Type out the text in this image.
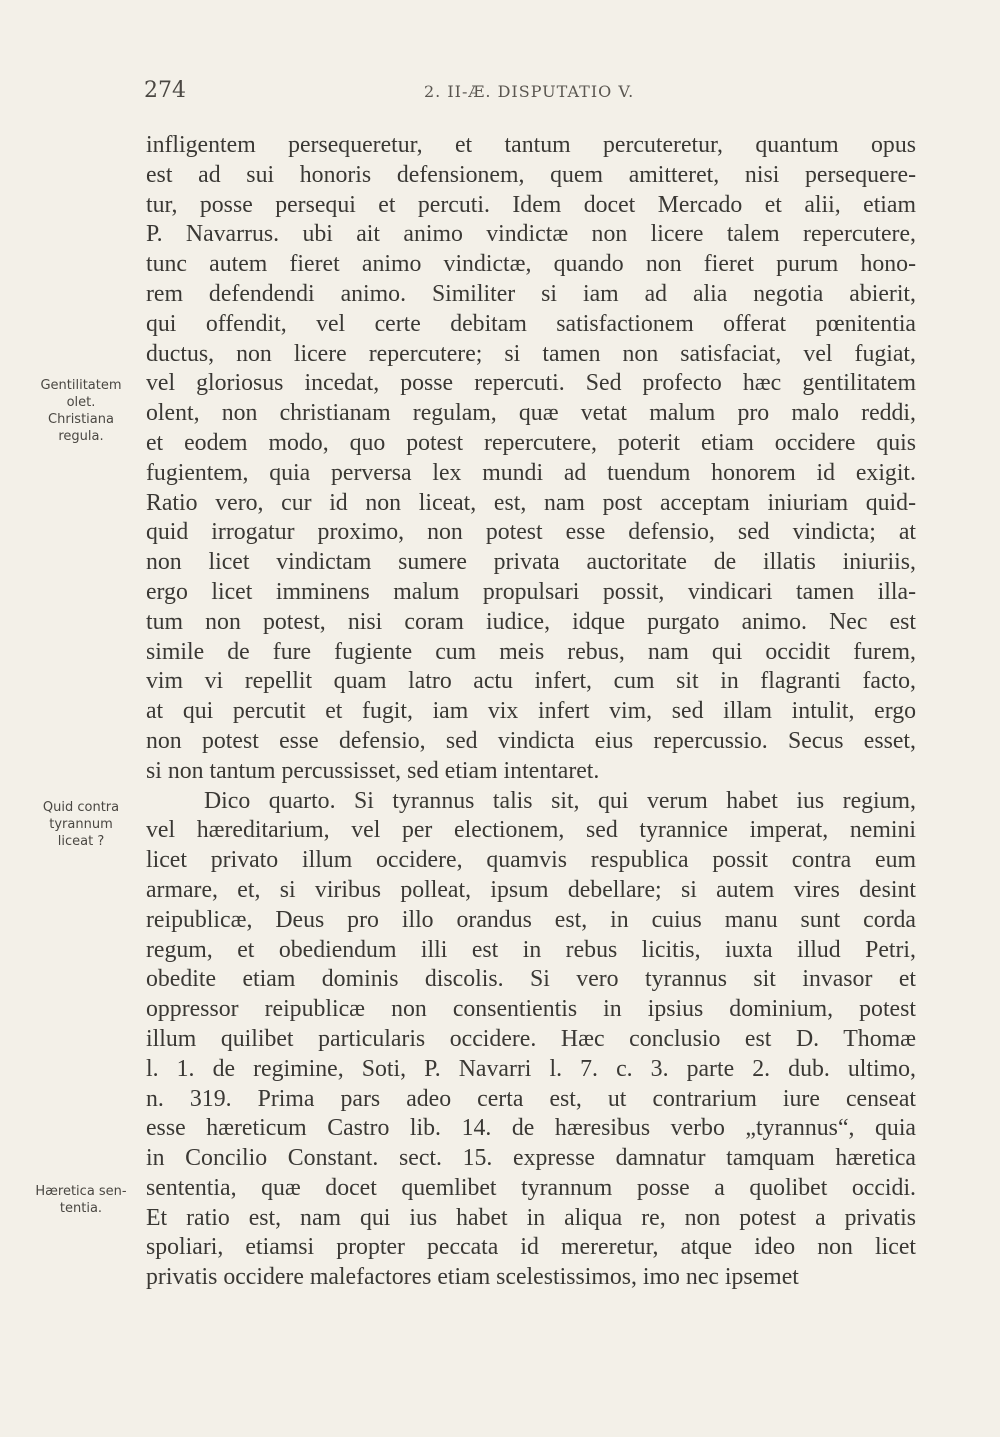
274	2. II-Æ. DISPUTATIO V.
Gentilitatem
olet.
Christiana
regula.
Quid contra
tyrannum
liceat ?
Hæretica sen-
tentia.
infligentem persequeretur, et tantum percuteretur, quantum opus
est ad sui honoris defensionem, quem amitteret, nisi persequere-
tur, posse persequi et percuti. Idem docet Mercado et alii, etiam
P. Navarrus. ubi ait animo vindictæ non licere talem repercutere,
tunc autem fieret animo vindictæ, quando non fieret purum hono-
rem defendendi animo. Similiter si iam ad alia negotia abierit,
qui offendit, vel certe debitam satisfactionem offerat pœnitentia
ductus, non licere repercutere; si tamen non satisfaciat, vel fugiat,
vel gloriosus incedat, posse repercuti. Sed profecto hæc gentilitatem
olent, non christianam regulam, quæ vetat malum pro malo reddi,
et eodem modo, quo potest repercutere, poterit etiam occidere quis
fugientem, quia perversa lex mundi ad tuendum honorem id exigit.
Ratio vero, cur id non liceat, est, nam post acceptam iniuriam quid-
quid irrogatur proximo, non potest esse defensio, sed vindicta; at
non licet vindictam sumere privata auctoritate de illatis iniuriis,
ergo licet imminens malum propulsari possit, vindicari tamen illa-
tum non potest, nisi coram iudice, idque purgato animo. Nec est
simile de fure fugiente cum meis rebus, nam qui occidit furem,
vim vi repellit quam latro actu infert, cum sit in flagranti facto,
at qui percutit et fugit, iam vix infert vim, sed illam intulit, ergo
non potest esse defensio, sed vindicta eius repercussio. Secus esset,
si non tantum percussisset, sed etiam intentaret.
Dico quarto. Si tyrannus talis sit, qui verum habet ius regium,
vel hæreditarium, vel per electionem, sed tyrannice imperat, nemini
licet privato illum occidere, quamvis respublica possit contra eum
armare, et, si viribus polleat, ipsum debellare; si autem vires desint
reipublicæ, Deus pro illo orandus est, in cuius manu sunt corda
regum, et obediendum illi est in rebus licitis, iuxta illud Petri,
obedite etiam dominis discolis. Si vero tyrannus sit invasor et
oppressor reipublicæ non consentientis in ipsius dominium, potest
illum quilibet particularis occidere. Hæc conclusio est D. Thomæ
l. 1. de regimine, Soti, P. Navarri l. 7. c. 3. parte 2. dub. ultimo,
n. 319. Prima pars adeo certa est, ut contrarium iure censeat
esse hæreticum Castro lib. 14. de hæresibus verbo „tyrannus“, quia
in Concilio Constant. sect. 15. expresse damnatur tamquam hæretica
sententia, quæ docet quemlibet tyrannum posse a quolibet occidi.
Et ratio est, nam qui ius habet in aliqua re, non potest a privatis
spoliari, etiamsi propter peccata id mereretur, atque ideo non licet
privatis occidere malefactores etiam scelestissimos, imo nec ipsemet
